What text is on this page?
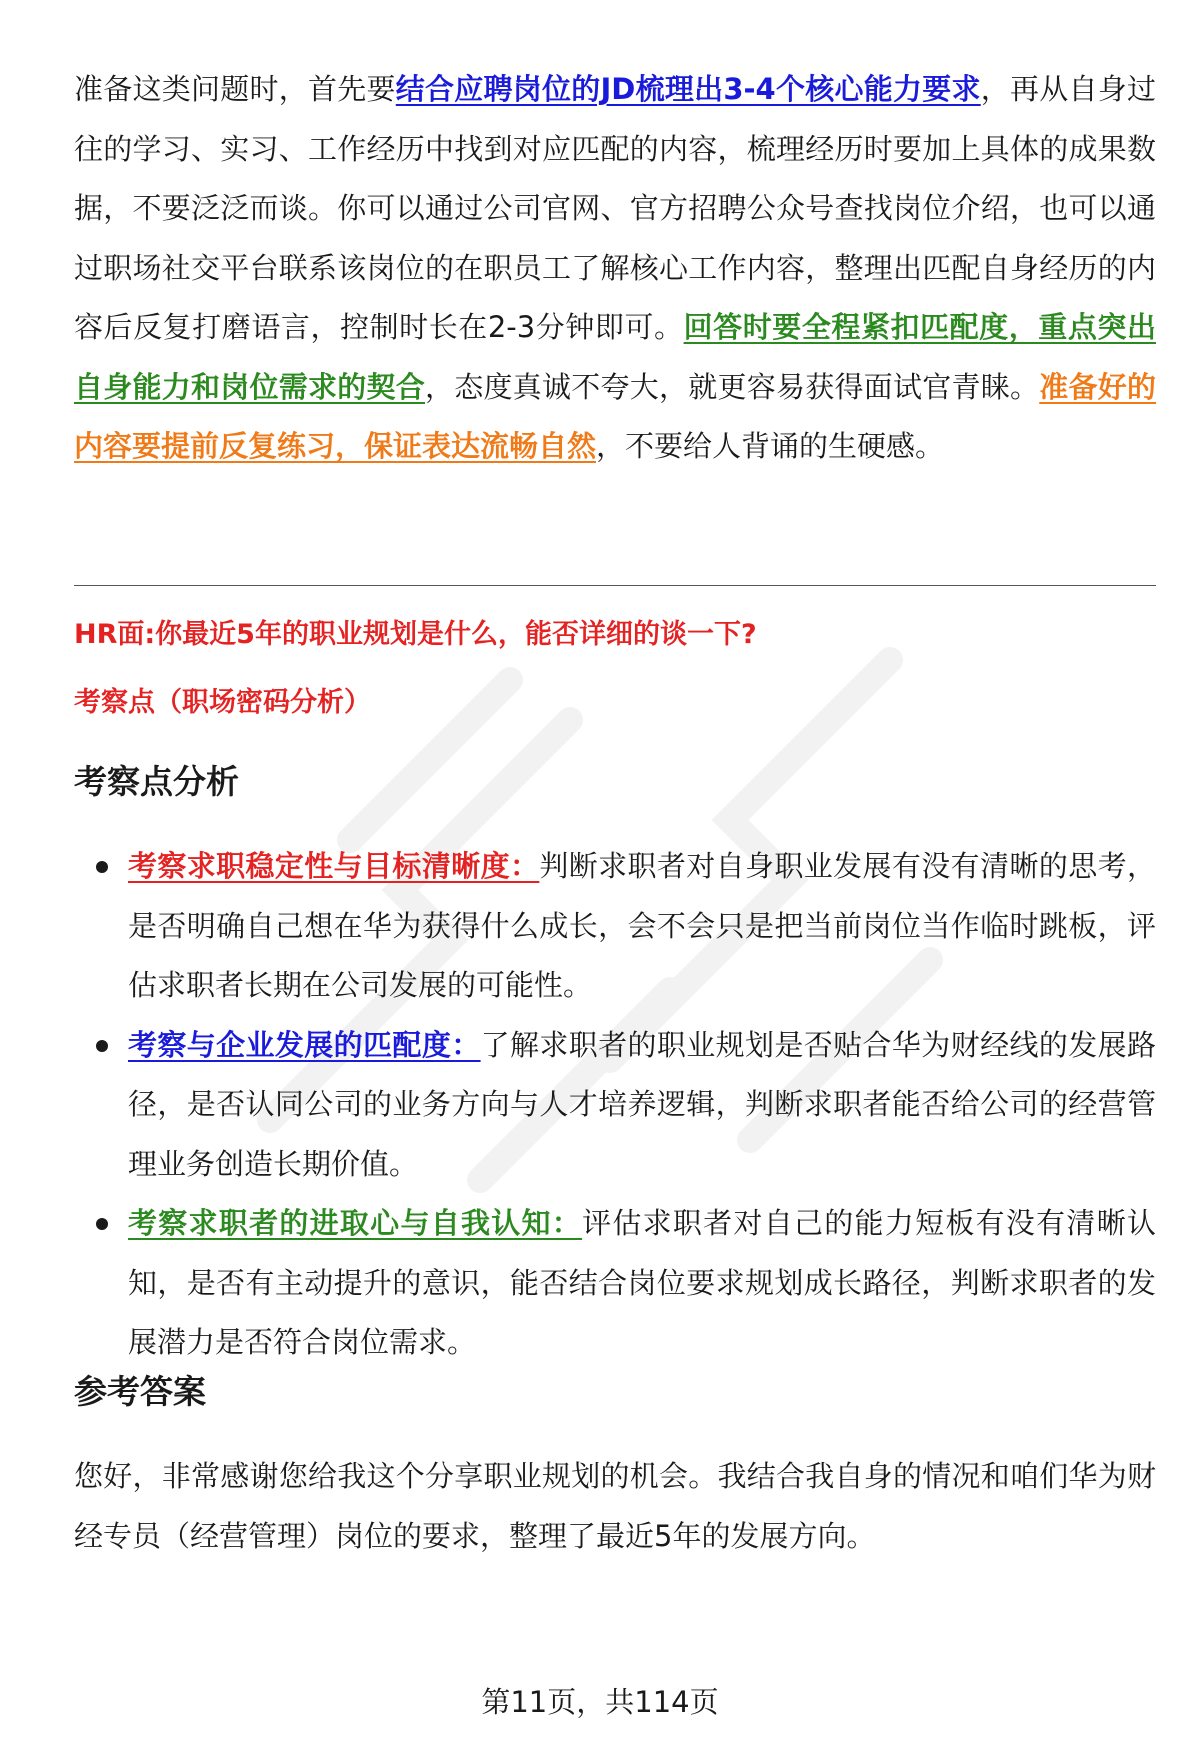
准备这类问题时，首先要结合应聘岗位的JD梳理出3-4个核心能力要求，再从自身过往的学习、实习、工作经历中找到对应匹配的内容，梳理经历时要加上具体的成果数据，不要泛泛而谈。你可以通过公司官网、官方招聘公众号查找岗位介绍，也可以通过职场社交平台联系该岗位的在职员工了解核心工作内容，整理出匹配自身经历的内容后反复打磨语言，控制时长在2-3分钟即可。回答时要全程紧扣匹配度，重点突出自身能力和岗位需求的契合，态度真诚不夸大，就更容易获得面试官青睐。准备好的内容要提前反复练习，保证表达流畅自然，不要给人背诵的生硬感。

HR面:你最近5年的职业规划是什么，能否详细的谈一下?

考察点（职场密码分析）

考察点分析
考察求职稳定性与目标清晰度：判断求职者对自身职业发展有没有清晰的思考，是否明确自己想在华为获得什么成长，会不会只是把当前岗位当作临时跳板，评估求职者长期在公司发展的可能性。
考察与企业发展的匹配度：了解求职者的职业规划是否贴合华为财经线的发展路径，是否认同公司的业务方向与人才培养逻辑，判断求职者能否给公司的经营管理业务创造长期价值。
考察求职者的进取心与自我认知：评估求职者对自己的能力短板有没有清晰认知，是否有主动提升的意识，能否结合岗位要求规划成长路径，判断求职者的发展潜力是否符合岗位需求。
参考答案

您好，非常感谢您给我这个分享职业规划的机会。我结合我自身的情况和咱们华为财经专员（经营管理）岗位的要求，整理了最近5年的发展方向。

第11页，共114页
